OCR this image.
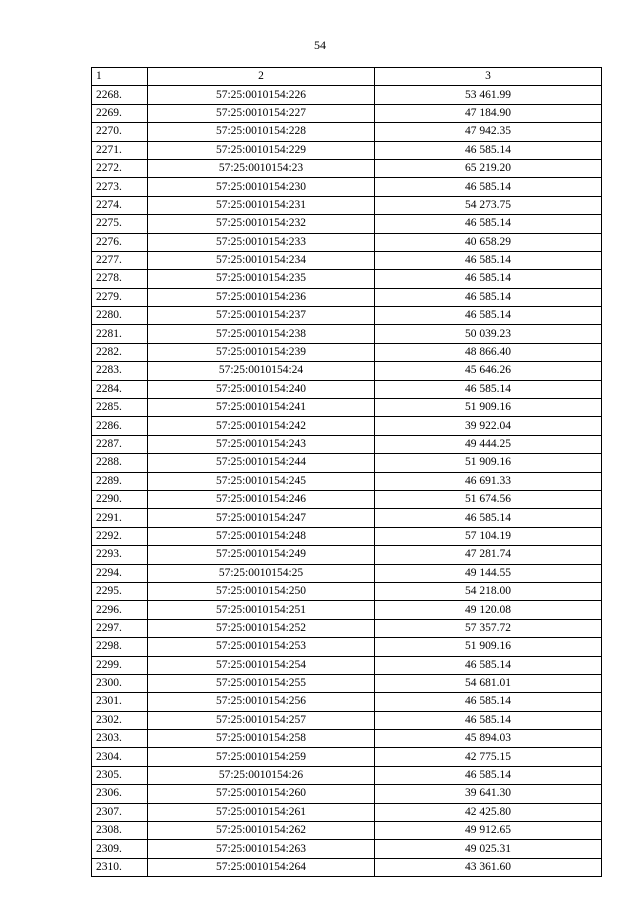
54
1	2	3
2268.	57:25:0010154:226	53 461.99
2269.	57:25:0010154:227	47 184.90
2270.	57:25:0010154:228	47 942.35
2271.	57:25:0010154:229	46 585.14
2272.	57:25:0010154:23	65 219.20
2273.	57:25:0010154:230	46 585.14
2274.	57:25:0010154:231	54 273.75
2275.	57:25:0010154:232	46 585.14
2276.	57:25:0010154:233	40 658.29
2277.	57:25:0010154:234	46 585.14
2278.	57:25:0010154:235	46 585.14
2279.	57:25:0010154:236	46 585.14
2280.	57:25:0010154:237	46 585.14
2281.	57:25:0010154:238	50 039.23
2282.	57:25:0010154:239	48 866.40
2283.	57:25:0010154:24	45 646.26
2284.	57:25:0010154:240	46 585.14
2285.	57:25:0010154:241	51 909.16
2286.	57:25:0010154:242	39 922.04
2287.	57:25:0010154:243	49 444.25
2288.	57:25:0010154:244	51 909.16
2289.	57:25:0010154:245	46 691.33
2290.	57:25:0010154:246	51 674.56
2291.	57:25:0010154:247	46 585.14
2292.	57:25:0010154:248	57 104.19
2293.	57:25:0010154:249	47 281.74
2294.	57:25:0010154:25	49 144.55
2295.	57:25:0010154:250	54 218.00
2296.	57:25:0010154:251	49 120.08
2297.	57:25:0010154:252	57 357.72
2298.	57:25:0010154:253	51 909.16
2299.	57:25:0010154:254	46 585.14
2300.	57:25:0010154:255	54 681.01
2301.	57:25:0010154:256	46 585.14
2302.	57:25:0010154:257	46 585.14
2303.	57:25:0010154:258	45 894.03
2304.	57:25:0010154:259	42 775.15
2305.	57:25:0010154:26	46 585.14
2306.	57:25:0010154:260	39 641.30
2307.	57:25:0010154:261	42 425.80
2308.	57:25:0010154:262	49 912.65
2309.	57:25:0010154:263	49 025.31
2310.	57:25:0010154:264	43 361.60
